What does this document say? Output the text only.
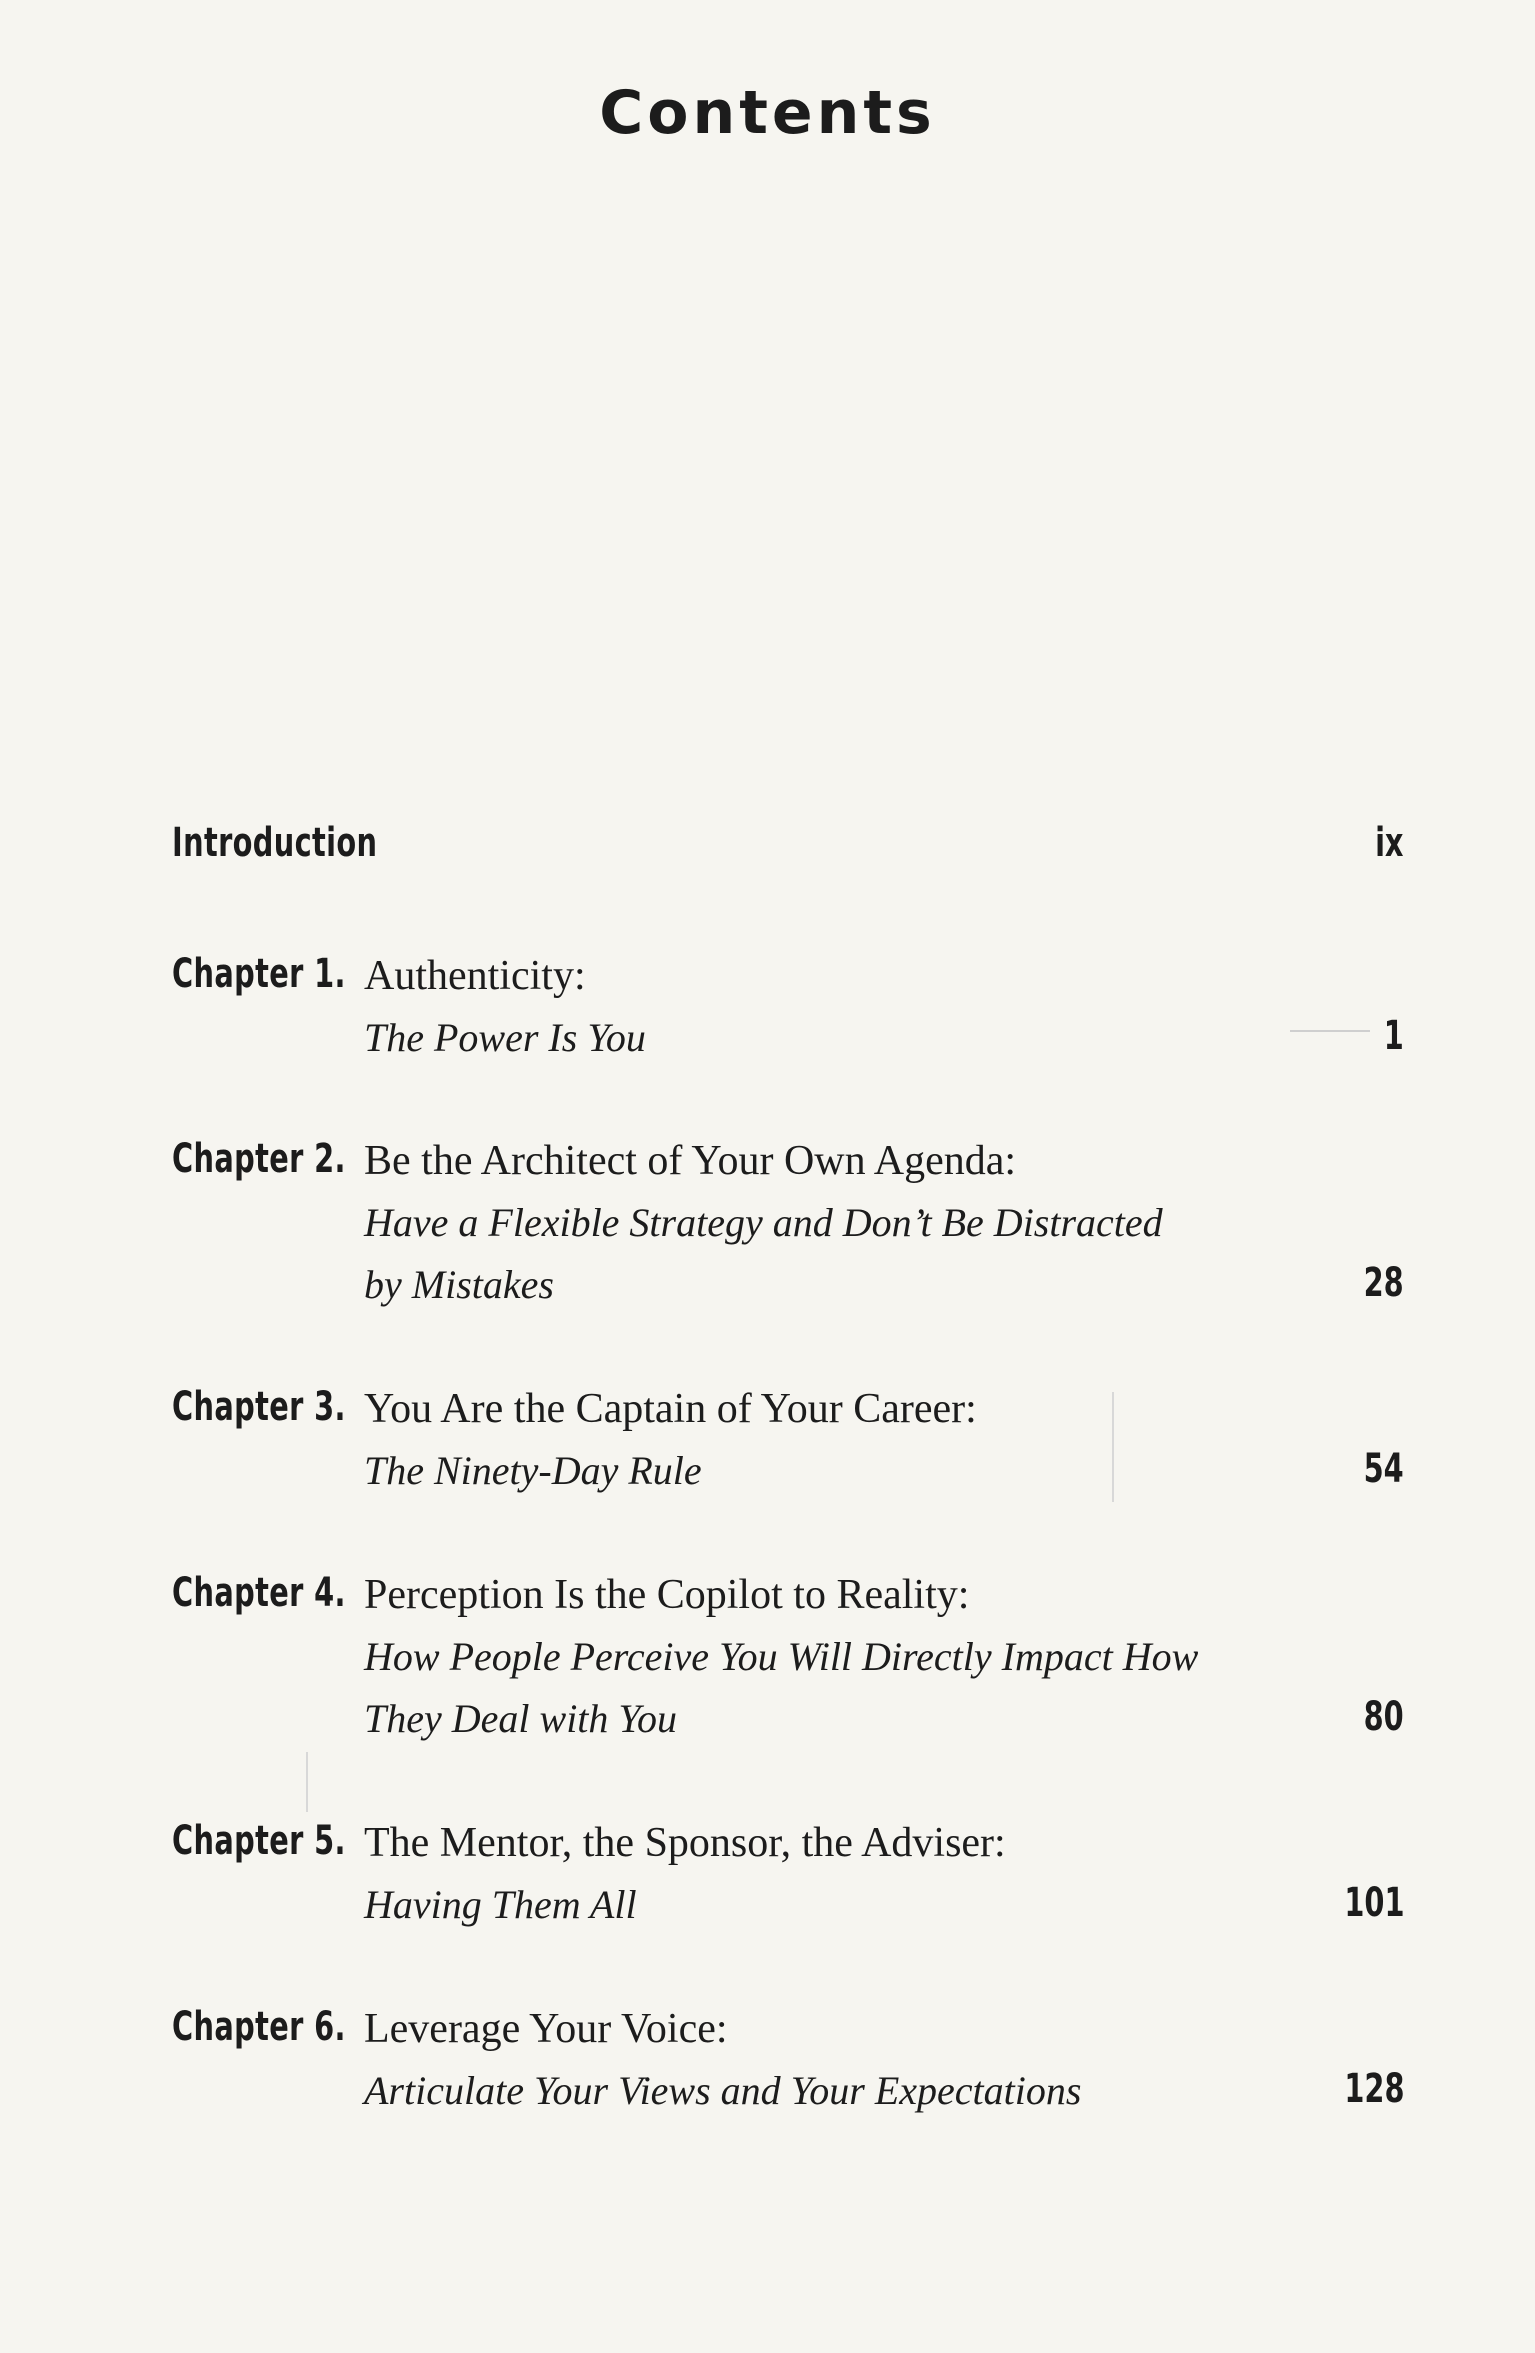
Contents
Introduction	ix
Chapter 1. Authenticity:
The Power Is You	1
Chapter 2. Be the Architect of Your Own Agenda:
Have a Flexible Strategy and Don’t Be Distracted
by Mistakes	28
Chapter 3. You Are the Captain of Your Career:
The Ninety-Day Rule	54
Chapter 4. Perception Is the Copilot to Reality:
How People Perceive You Will Directly Impact How
They Deal with You	80
Chapter 5. The Mentor, the Sponsor, the Adviser:
Having Them All	101
Chapter 6. Leverage Your Voice:
Articulate Your Views and Your Expectations	128
